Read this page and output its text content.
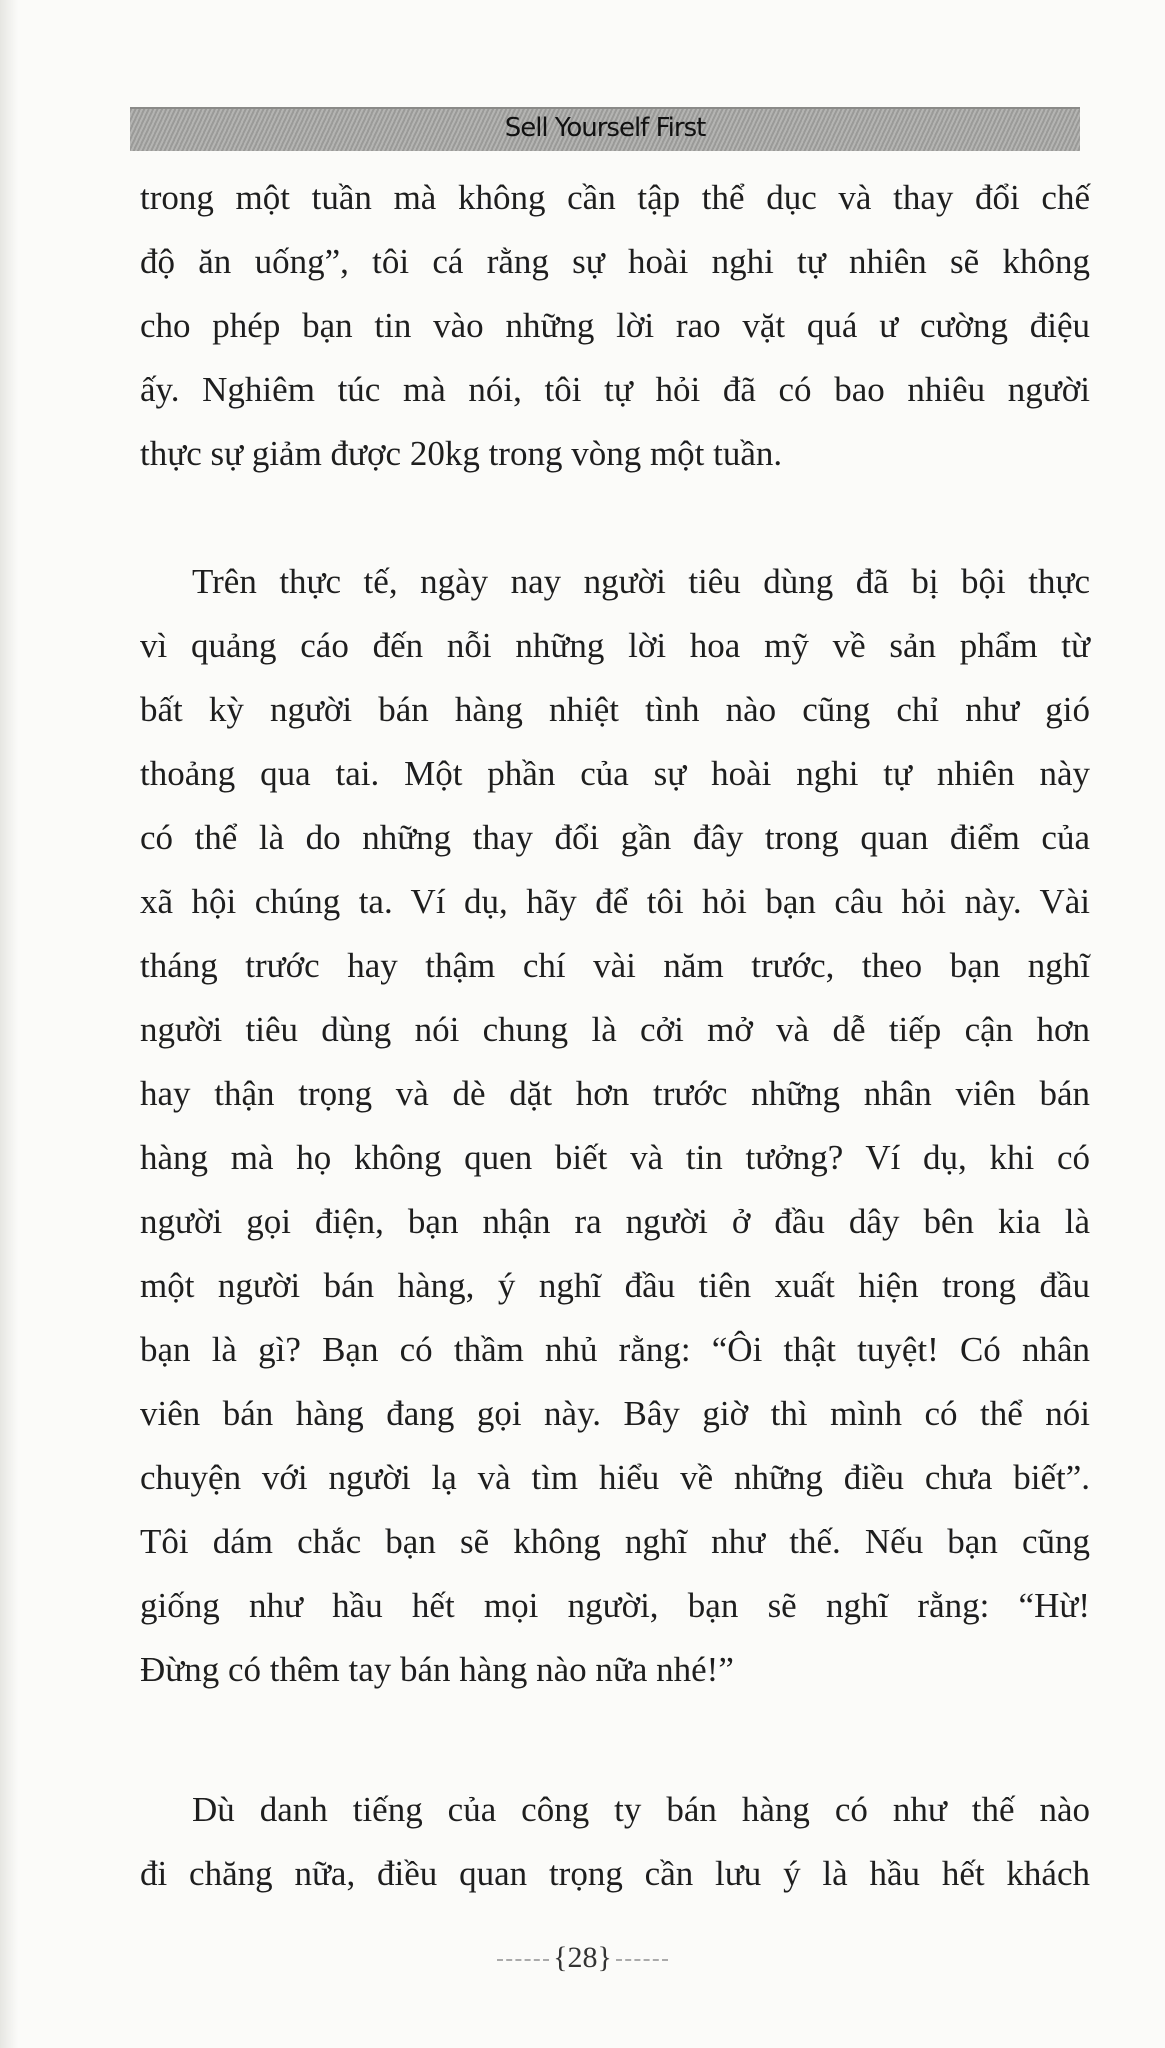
Sell Yourself First
trong một tuần mà không cần tập thể dục và thay đổi chế
độ ăn uống”, tôi cá rằng sự hoài nghi tự nhiên sẽ không
cho phép bạn tin vào những lời rao vặt quá ư cường điệu
ấy. Nghiêm túc mà nói, tôi tự hỏi đã có bao nhiêu người
thực sự giảm được 20kg trong vòng một tuần.
Trên thực tế, ngày nay người tiêu dùng đã bị bội thực
vì quảng cáo đến nỗi những lời hoa mỹ về sản phẩm từ
bất kỳ người bán hàng nhiệt tình nào cũng chỉ như gió
thoảng qua tai. Một phần của sự hoài nghi tự nhiên này
có thể là do những thay đổi gần đây trong quan điểm của
xã hội chúng ta. Ví dụ, hãy để tôi hỏi bạn câu hỏi này. Vài
tháng trước hay thậm chí vài năm trước, theo bạn nghĩ
người tiêu dùng nói chung là cởi mở và dễ tiếp cận hơn
hay thận trọng và dè dặt hơn trước những nhân viên bán
hàng mà họ không quen biết và tin tưởng? Ví dụ, khi có
người gọi điện, bạn nhận ra người ở đầu dây bên kia là
một người bán hàng, ý nghĩ đầu tiên xuất hiện trong đầu
bạn là gì? Bạn có thầm nhủ rằng: “Ôi thật tuyệt! Có nhân
viên bán hàng đang gọi này. Bây giờ thì mình có thể nói
chuyện với người lạ và tìm hiểu về những điều chưa biết”.
Tôi dám chắc bạn sẽ không nghĩ như thế. Nếu bạn cũng
giống như hầu hết mọi người, bạn sẽ nghĩ rằng: “Hừ!
Đừng có thêm tay bán hàng nào nữa nhé!”
Dù danh tiếng của công ty bán hàng có như thế nào
đi chăng nữa, điều quan trọng cần lưu ý là hầu hết khách
{28}
